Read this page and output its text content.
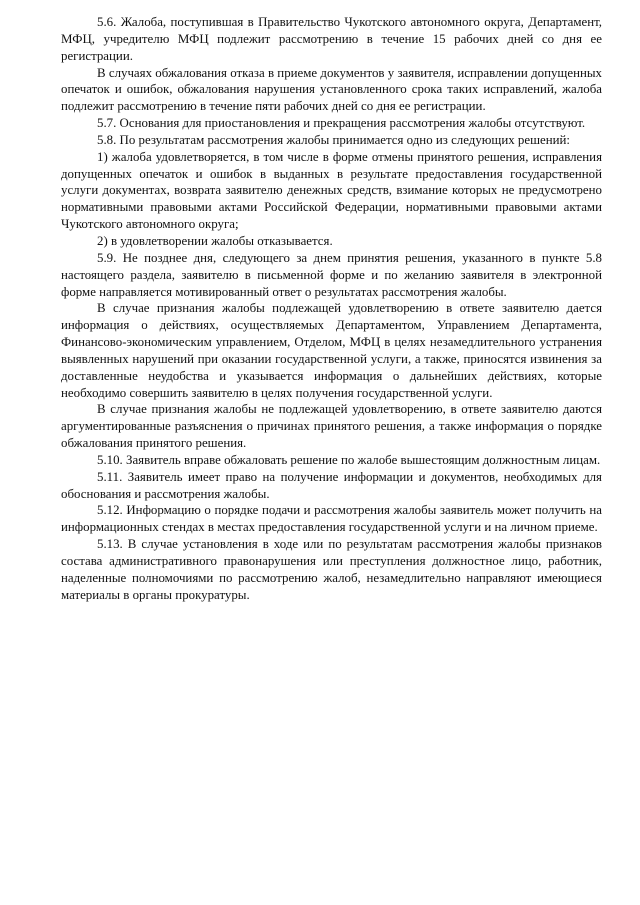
5.6. Жалоба, поступившая в Правительство Чукотского автономного округа, Департамент, МФЦ, учредителю МФЦ подлежит рассмотрению в течение 15 рабочих дней со дня ее регистрации.

В случаях обжалования отказа в приеме документов у заявителя, исправлении допущенных опечаток и ошибок, обжалования нарушения установленного срока таких исправлений, жалоба подлежит рассмотрению в течение пяти рабочих дней со дня ее регистрации.

5.7. Основания для приостановления и прекращения рассмотрения жалобы отсутствуют.

5.8. По результатам рассмотрения жалобы принимается одно из следующих решений:

1) жалоба удовлетворяется, в том числе в форме отмены принятого решения, исправления допущенных опечаток и ошибок в выданных в результате предоставления государственной услуги документах, возврата заявителю денежных средств, взимание которых не предусмотрено нормативными правовыми актами Российской Федерации, нормативными правовыми актами Чукотского автономного округа;

2) в удовлетворении жалобы отказывается.

5.9. Не позднее дня, следующего за днем принятия решения, указанного в пункте 5.8 настоящего раздела, заявителю в письменной форме и по желанию заявителя в электронной форме направляется мотивированный ответ о результатах рассмотрения жалобы.

В случае признания жалобы подлежащей удовлетворению в ответе заявителю дается информация о действиях, осуществляемых Департаментом, Управлением Департамента, Финансово-экономическим управлением, Отделом, МФЦ в целях незамедлительного устранения выявленных нарушений при оказании государственной услуги, а также, приносятся извинения за доставленные неудобства и указывается информация о дальнейших действиях, которые необходимо совершить заявителю в целях получения государственной услуги.

В случае признания жалобы не подлежащей удовлетворению, в ответе заявителю даются аргументированные разъяснения о причинах принятого решения, а также информация о порядке обжалования принятого решения.

5.10. Заявитель вправе обжаловать решение по жалобе вышестоящим должностным лицам.

5.11. Заявитель имеет право на получение информации и документов, необходимых для обоснования и рассмотрения жалобы.

5.12. Информацию о порядке подачи и рассмотрения жалобы заявитель может получить на информационных стендах в местах предоставления государственной услуги и на личном приеме.

5.13. В случае установления в ходе или по результатам рассмотрения жалобы признаков состава административного правонарушения или преступления должностное лицо, работник, наделенные полномочиями по рассмотрению жалоб, незамедлительно направляют имеющиеся материалы в органы прокуратуры.
